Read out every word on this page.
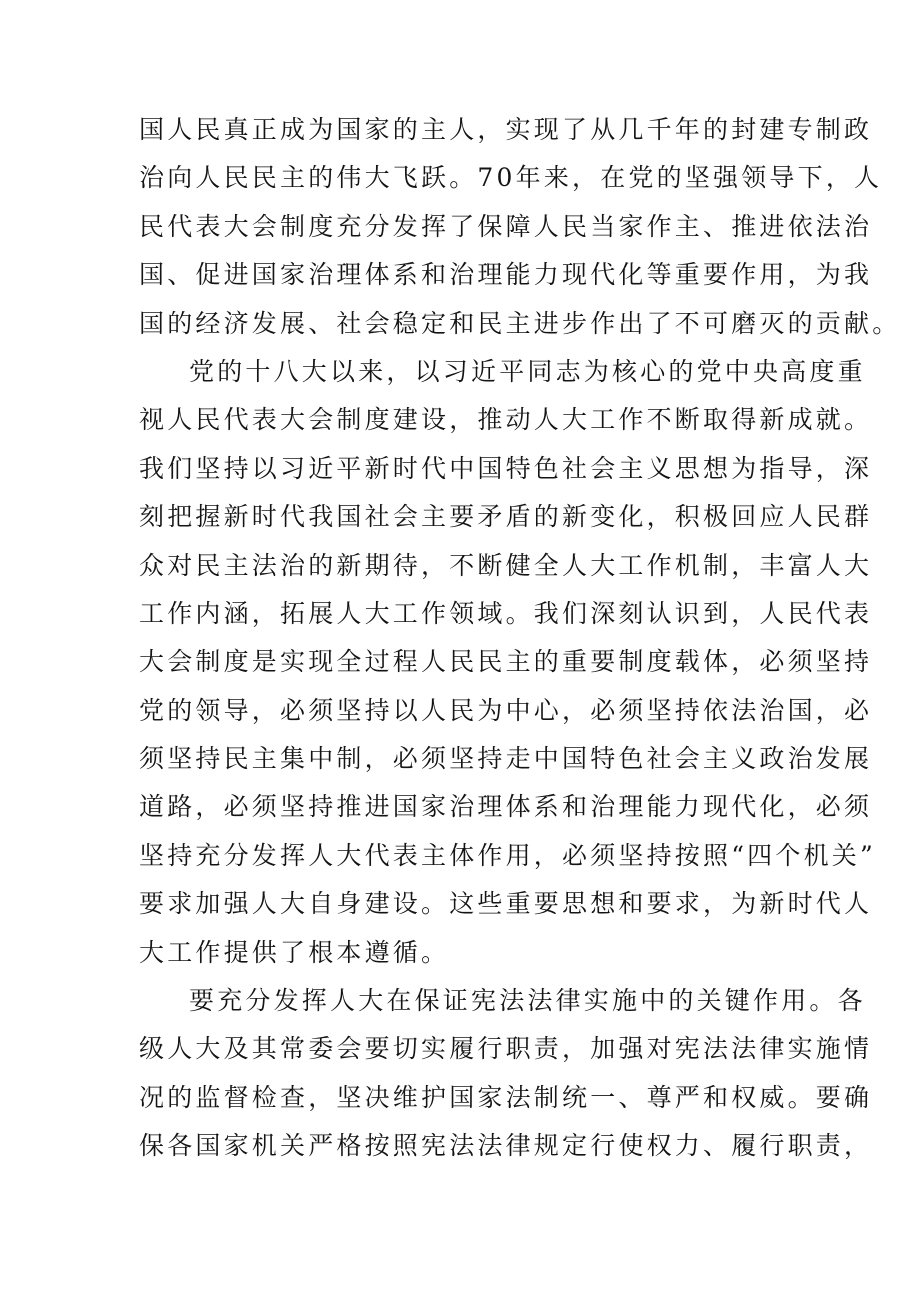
国人民真正成为国家的主人，实现了从几千年的封建专制政
治向人民民主的伟大飞跃。70年来，在党的坚强领导下，人
民代表大会制度充分发挥了保障人民当家作主、推进依法治
国、促进国家治理体系和治理能力现代化等重要作用，为我
国的经济发展、社会稳定和民主进步作出了不可磨灭的贡献。

党的十八大以来，以习近平同志为核心的党中央高度重
视人民代表大会制度建设，推动人大工作不断取得新成就。
我们坚持以习近平新时代中国特色社会主义思想为指导，深
刻把握新时代我国社会主要矛盾的新变化，积极回应人民群
众对民主法治的新期待，不断健全人大工作机制，丰富人大
工作内涵，拓展人大工作领域。我们深刻认识到，人民代表
大会制度是实现全过程人民民主的重要制度载体，必须坚持
党的领导，必须坚持以人民为中心，必须坚持依法治国，必
须坚持民主集中制，必须坚持走中国特色社会主义政治发展
道路，必须坚持推进国家治理体系和治理能力现代化，必须
坚持充分发挥人大代表主体作用，必须坚持按照“四个机关”
要求加强人大自身建设。这些重要思想和要求，为新时代人
大工作提供了根本遵循。

要充分发挥人大在保证宪法法律实施中的关键作用。各
级人大及其常委会要切实履行职责，加强对宪法法律实施情
况的监督检查，坚决维护国家法制统一、尊严和权威。要确
保各国家机关严格按照宪法法律规定行使权力、履行职责，
